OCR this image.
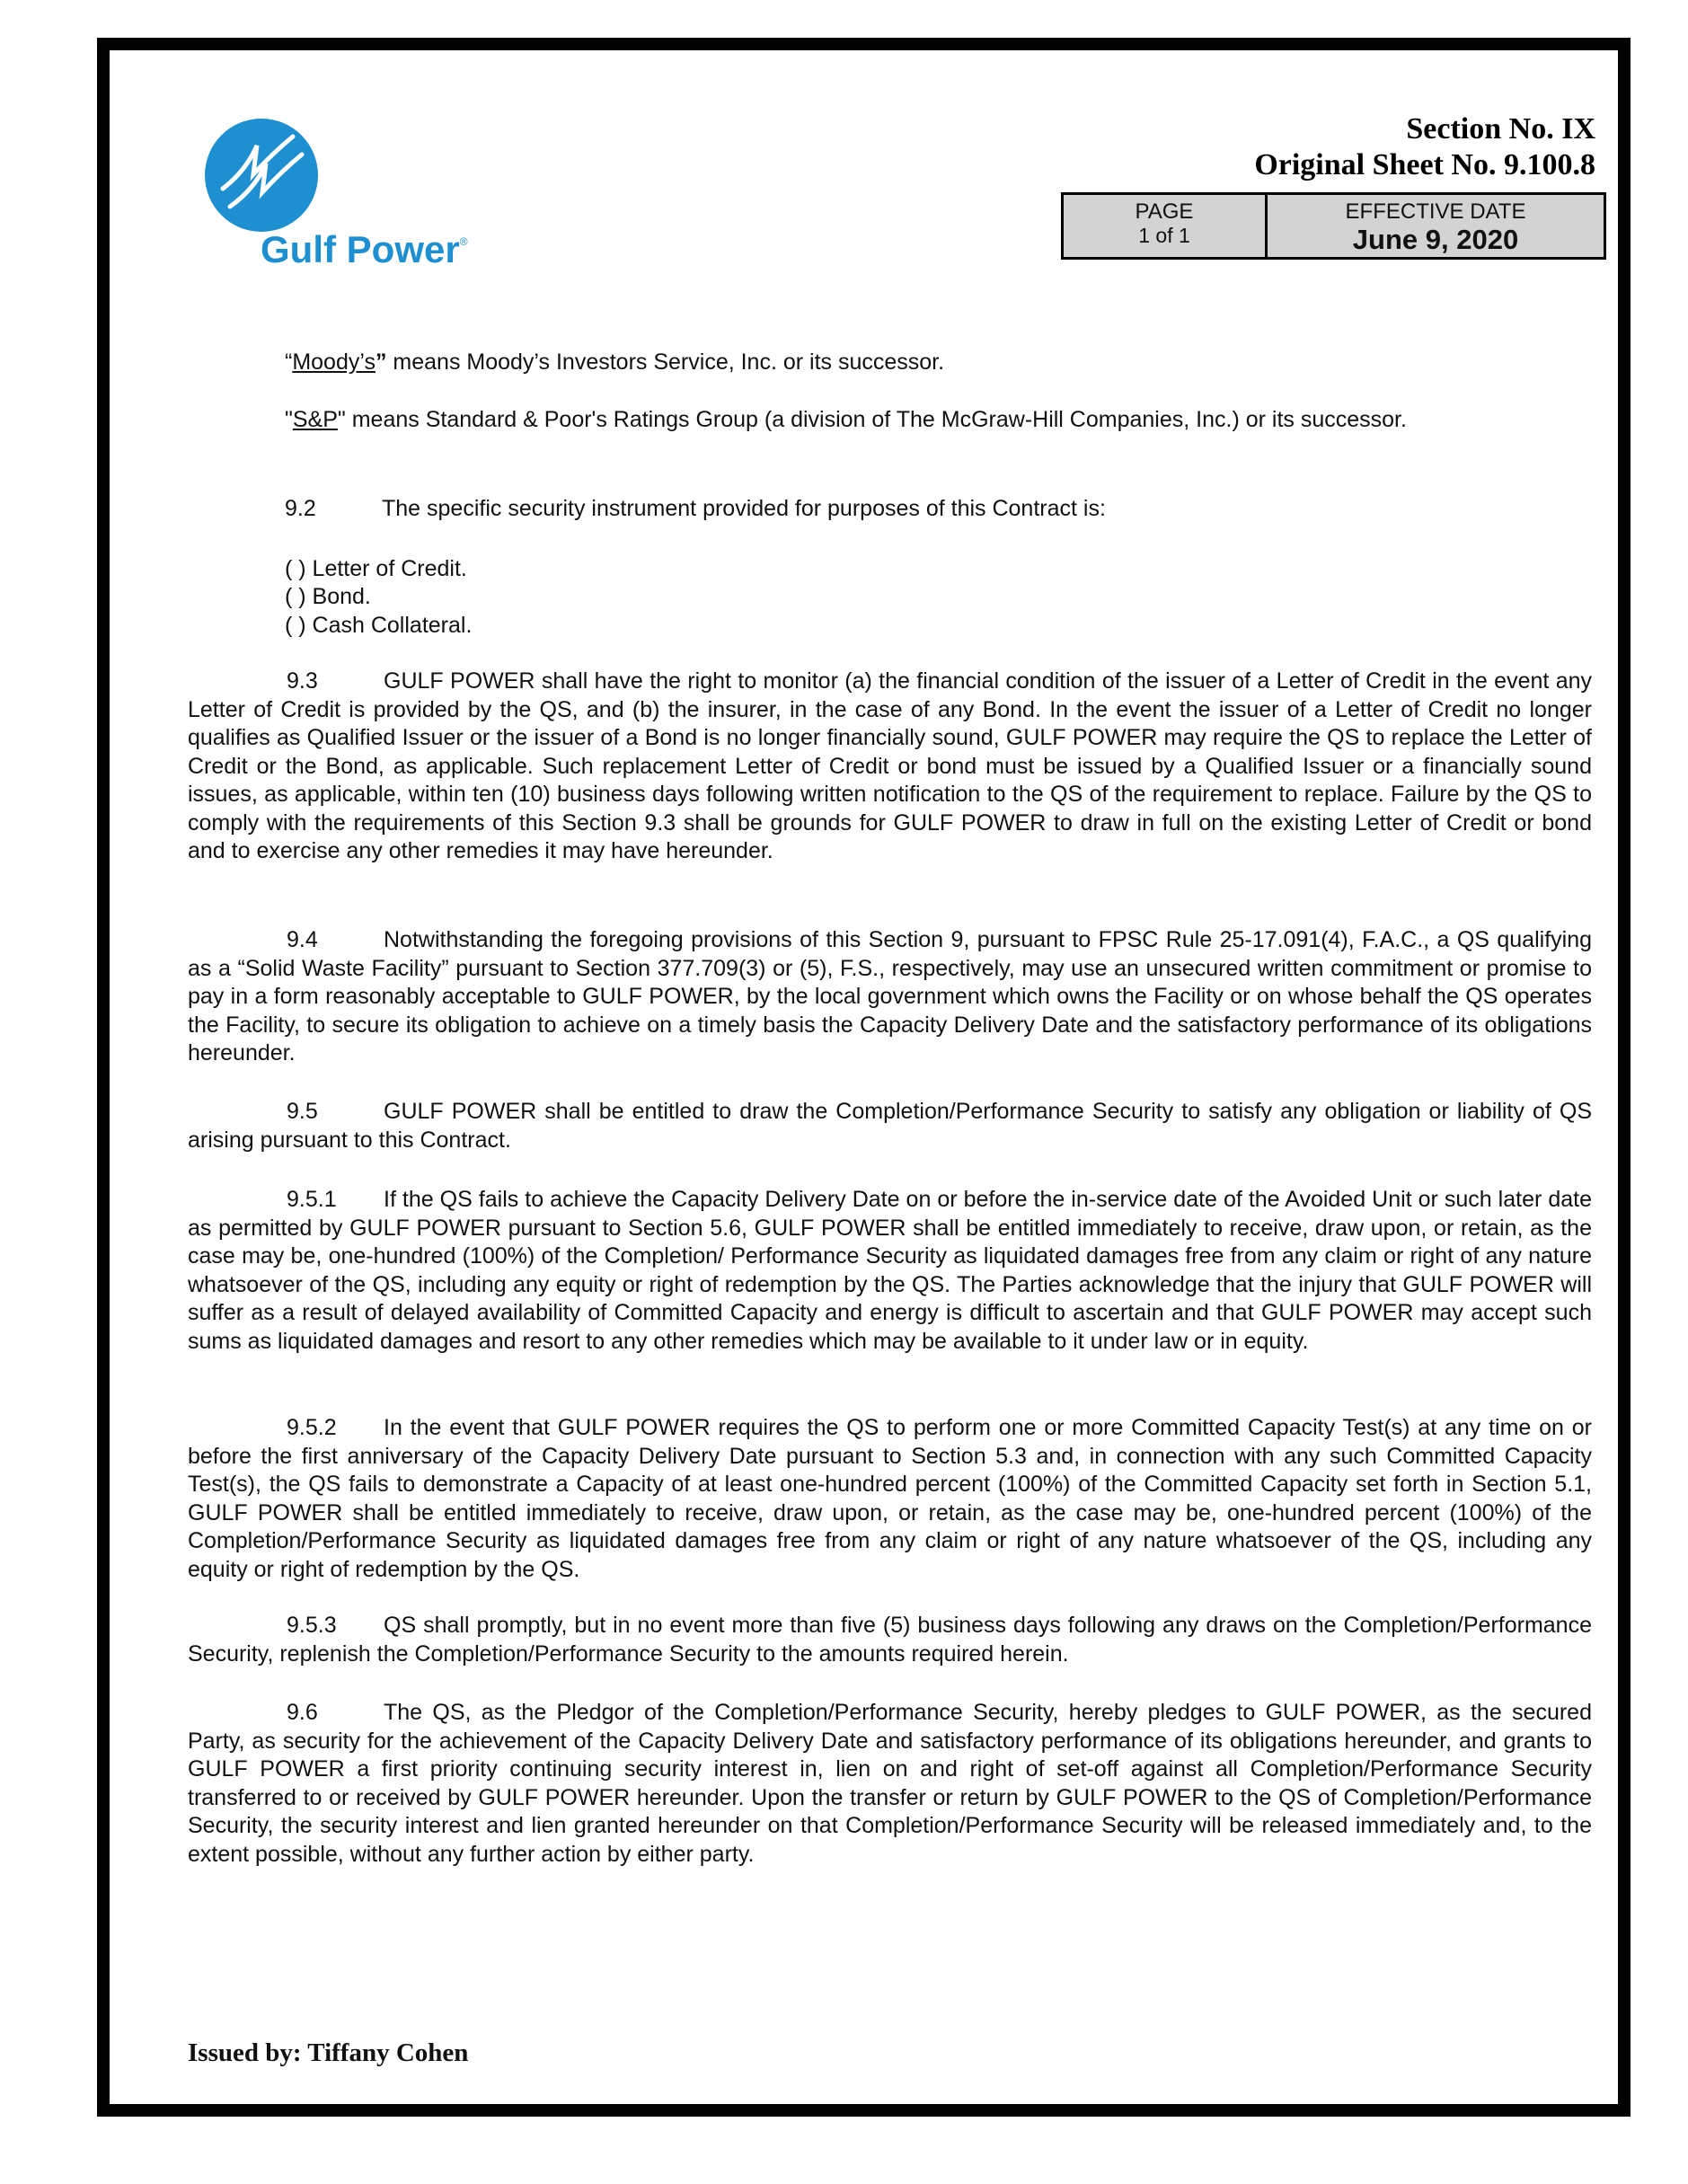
Gulf Power®
Section No. IX
Original Sheet No. 9.100.8
PAGE
1 of 1
EFFECTIVE DATE
June 9, 2020

“Moody’s” means Moody’s Investors Service, Inc. or its successor.

"S&P" means Standard & Poor's Ratings Group (a division of The McGraw-Hill Companies, Inc.) or its successor.

9.2	The specific security instrument provided for purposes of this Contract is:

( ) Letter of Credit.

( ) Bond.

( ) Cash Collateral.

9.3	GULF POWER shall have the right to monitor (a) the financial condition of the issuer of a Letter of Credit in the event any Letter of Credit is provided by the QS, and (b) the insurer, in the case of any Bond. In the event the issuer of a Letter of Credit no longer qualifies as Qualified Issuer or the issuer of a Bond is no longer financially sound, GULF POWER may require the QS to replace the Letter of Credit or the Bond, as applicable. Such replacement Letter of Credit or bond must be issued by a Qualified Issuer or a financially sound issues, as applicable, within ten (10) business days following written notification to the QS of the requirement to replace. Failure by the QS to comply with the requirements of this Section 9.3 shall be grounds for GULF POWER to draw in full on the existing Letter of Credit or bond and to exercise any other remedies it may have hereunder.

9.4	Notwithstanding the foregoing provisions of this Section 9, pursuant to FPSC Rule 25-17.091(4), F.A.C., a QS qualifying as a “Solid Waste Facility” pursuant to Section 377.709(3) or (5), F.S., respectively, may use an unsecured written commitment or promise to pay in a form reasonably acceptable to GULF POWER, by the local government which owns the Facility or on whose behalf the QS operates the Facility, to secure its obligation to achieve on a timely basis the Capacity Delivery Date and the satisfactory performance of its obligations hereunder.

9.5	GULF POWER shall be entitled to draw the Completion/Performance Security to satisfy any obligation or liability of QS arising pursuant to this Contract.

9.5.1 If the QS fails to achieve the Capacity Delivery Date on or before the in-service date of the Avoided Unit or such later date as permitted by GULF POWER pursuant to Section 5.6, GULF POWER shall be entitled immediately to receive, draw upon, or retain, as the case may be, one-hundred (100%) of the Completion/ Performance Security as liquidated damages free from any claim or right of any nature whatsoever of the QS, including any equity or right of redemption by the QS. The Parties acknowledge that the injury that GULF POWER will suffer as a result of delayed availability of Committed Capacity and energy is difficult to ascertain and that GULF POWER may accept such sums as liquidated damages and resort to any other remedies which may be available to it under law or in equity.

9.5.2 In the event that GULF POWER requires the QS to perform one or more Committed Capacity Test(s) at any time on or before the first anniversary of the Capacity Delivery Date pursuant to Section 5.3 and, in connection with any such Committed Capacity Test(s), the QS fails to demonstrate a Capacity of at least one-hundred percent (100%) of the Committed Capacity set forth in Section 5.1, GULF POWER shall be entitled immediately to receive, draw upon, or retain, as the case may be, one-hundred percent (100%) of the Completion/Performance Security as liquidated damages free from any claim or right of any nature whatsoever of the QS, including any equity or right of redemption by the QS.

9.5.3 QS shall promptly, but in no event more than five (5) business days following any draws on the Completion/Performance Security, replenish the Completion/Performance Security to the amounts required herein.

9.6	The QS, as the Pledgor of the Completion/Performance Security, hereby pledges to GULF POWER, as the secured Party, as security for the achievement of the Capacity Delivery Date and satisfactory performance of its obligations hereunder, and grants to GULF POWER a first priority continuing security interest in, lien on and right of set-off against all Completion/Performance Security transferred to or received by GULF POWER hereunder. Upon the transfer or return by GULF POWER to the QS of Completion/Performance Security, the security interest and lien granted hereunder on that Completion/Performance Security will be released immediately and, to the extent possible, without any further action by either party.

Issued by: Tiffany Cohen
